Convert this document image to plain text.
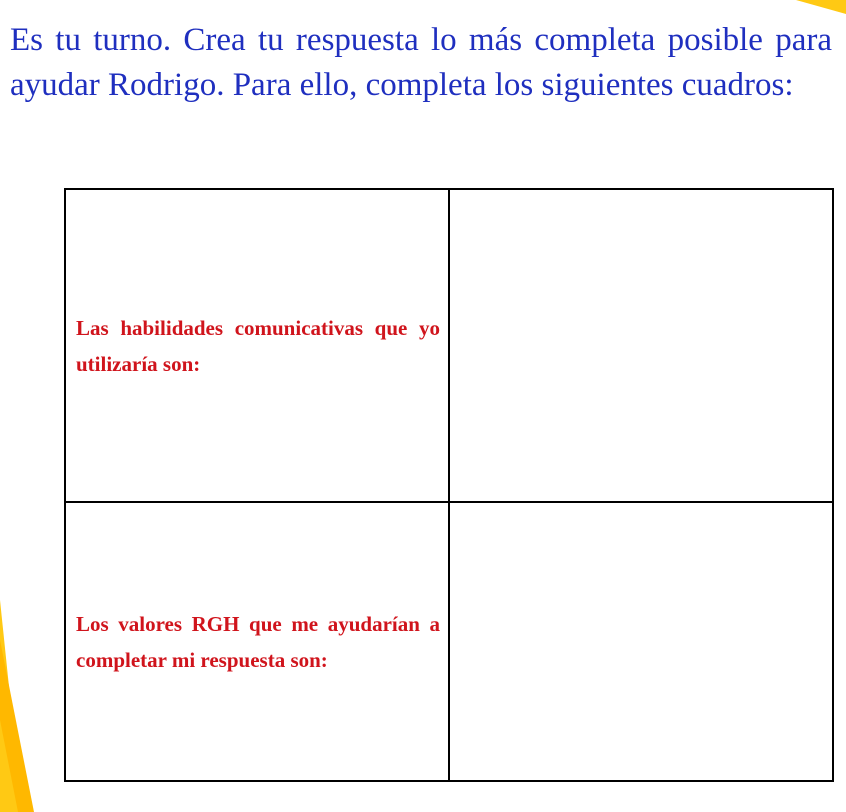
Es tu turno. Crea tu respuesta lo más completa posible para ayudar Rodrigo. Para ello, completa los siguientes cuadros:

Las habilidades comunicativas que yo utilizaría son:	

Los valores RGH que me ayudarían a completar mi respuesta son:	
